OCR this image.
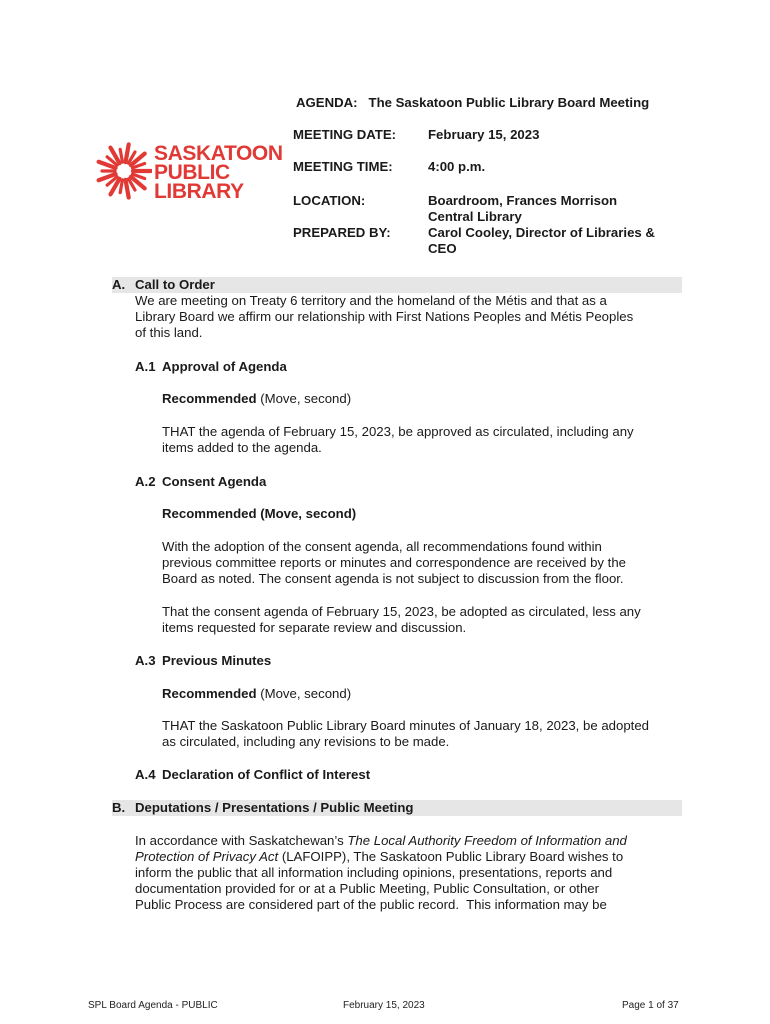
SASKATOON
PUBLIC
LIBRARY
AGENDA:   The Saskatoon Public Library Board Meeting
MEETING DATE: February 15, 2023
MEETING TIME:	4:00 p.m.
LOCATION:	Boardroom, Frances Morrison
Central Library
PREPARED BY:	Carol Cooley, Director of Libraries &
CEO
A. Call to Order
We are meeting on Treaty 6 territory and the homeland of the Métis and that as a
Library Board we affirm our relationship with First Nations Peoples and Métis Peoples
of this land.
A.1 Approval of Agenda
Recommended (Move, second)
THAT the agenda of February 15, 2023, be approved as circulated, including any
items added to the agenda.
A.2 Consent Agenda
Recommended (Move, second)
With the adoption of the consent agenda, all recommendations found within
previous committee reports or minutes and correspondence are received by the
Board as noted. The consent agenda is not subject to discussion from the floor.
That the consent agenda of February 15, 2023, be adopted as circulated, less any
items requested for separate review and discussion.
A.3 Previous Minutes
Recommended (Move, second)
THAT the Saskatoon Public Library Board minutes of January 18, 2023, be adopted
as circulated, including any revisions to be made.
A.4 Declaration of Conflict of Interest
B. Deputations / Presentations / Public Meeting
In accordance with Saskatchewan’s The Local Authority Freedom of Information and
Protection of Privacy Act (LAFOIPP), The Saskatoon Public Library Board wishes to
inform the public that all information including opinions, presentations, reports and
documentation provided for or at a Public Meeting, Public Consultation, or other
Public Process are considered part of the public record.  This information may be
SPL Board Agenda - PUBLIC	February 15, 2023	Page 1 of 37
